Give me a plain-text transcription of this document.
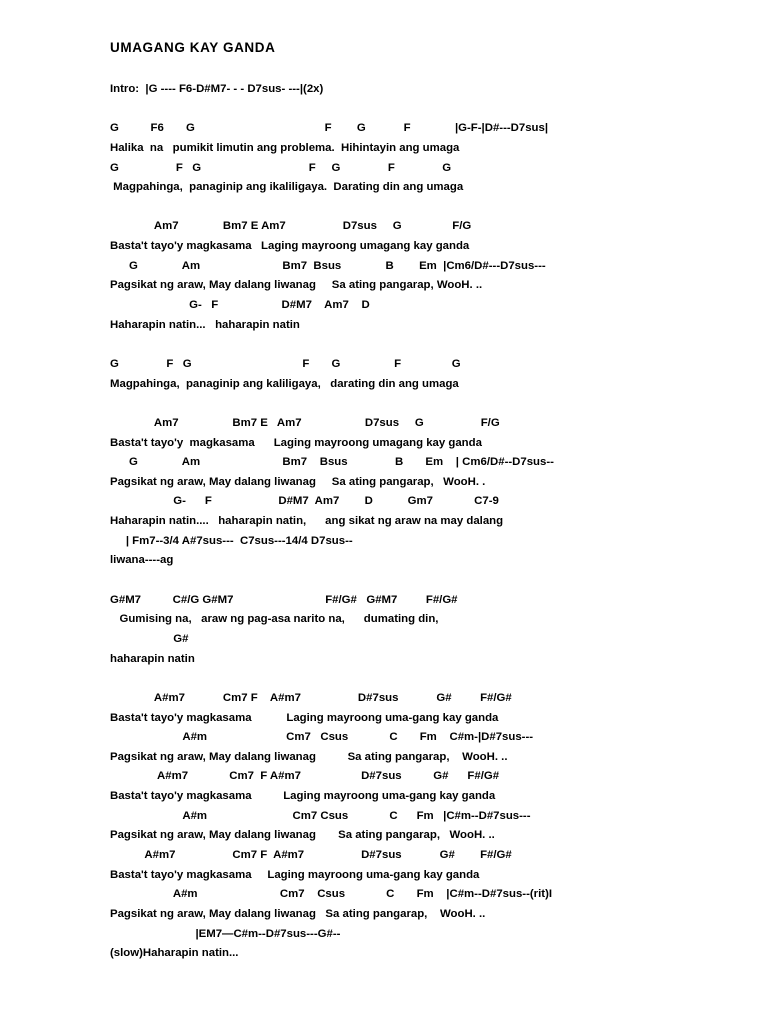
UMAGANG KAY GANDA
Intro:  |G ---- F6-D#M7- - - D7sus- ---|(2x)
G          F6       G                                         F        G            F              |G-F-|D#---D7sus|
Halika  na   pumikit limutin ang problema.  Hihintayin ang umaga
G                  F   G                                  F     G               F               G
Magpahinga,  panaginip ang ikaliligaya.  Darating din ang umaga
Am7              Bm7 E Am7                  D7sus     G                F/G
Basta't tayo'y magkasama   Laging mayroong umagang kay ganda
G              Am                          Bm7  Bsus              B        Em  |Cm6/D#---D7sus---
Pagsikat ng araw, May dalang liwanag     Sa ating pangarap, WooH. ..
G-   F                    D#M7    Am7    D
Haharapin natin...   haharapin natin
G               F   G                                   F       G                 F                G
Magpahinga,  panaginip ang kaliligaya,   darating din ang umaga
Am7                 Bm7 E   Am7                    D7sus     G                  F/G
Basta't tayo'y  magkasama      Laging mayroong umagang kay ganda
G              Am                          Bm7    Bsus               B       Em    | Cm6/D#--D7sus--
Pagsikat ng araw, May dalang liwanag     Sa ating pangarap,   WooH. .
G-      F                     D#M7  Am7        D           Gm7             C7-9
Haharapin natin....   haharapin natin,      ang sikat ng araw na may dalang
| Fm7--3/4 A#7sus---  C7sus---14/4 D7sus--
liwana----ag
G#M7          C#/G G#M7                             F#/G#   G#M7         F#/G#
Gumising na,   araw ng pag-asa narito na,      dumating din,
G#
haharapin natin
A#m7            Cm7 F    A#m7                  D#7sus            G#         F#/G#
Basta't tayo'y magkasama           Laging mayroong uma-gang kay ganda
A#m                         Cm7   Csus             C       Fm    C#m-|D#7sus---
Pagsikat ng araw, May dalang liwanag          Sa ating pangarap,    WooH. ..
A#m7             Cm7  F A#m7                   D#7sus          G#      F#/G#
Basta't tayo'y magkasama          Laging mayroong uma-gang kay ganda
A#m                           Cm7 Csus             C      Fm   |C#m--D#7sus---
Pagsikat ng araw, May dalang liwanag       Sa ating pangarap,   WooH. ..
A#m7                  Cm7 F  A#m7                  D#7sus            G#        F#/G#
Basta't tayo'y magkasama     Laging mayroong uma-gang kay ganda
A#m                          Cm7    Csus             C       Fm    |C#m--D#7sus--(rit)I
Pagsikat ng araw, May dalang liwanag   Sa ating pangarap,    WooH. ..
|EM7—C#m--D#7sus---G#--
(slow)Haharapin natin...
